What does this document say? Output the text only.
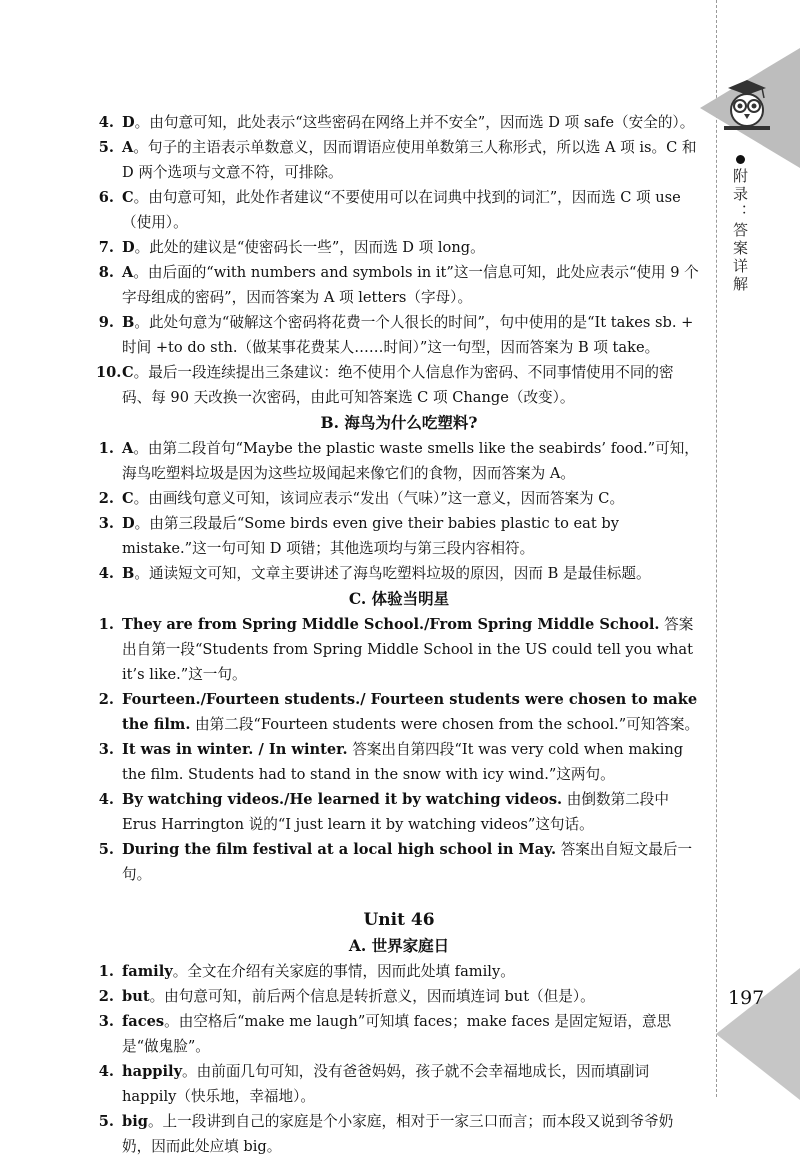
附录：答案详解
197

4. D。由句意可知，此处表示“这些密码在网络上并不安全”，因而选 D 项 safe（安全的）。

5. A。句子的主语表示单数意义，因而谓语应使用单数第三人称形式，所以选 A 项 is。C 和 D 两个选项与文意不符，可排除。

6. C。由句意可知，此处作者建议“不要使用可以在词典中找到的词汇”，因而选 C 项 use（使用）。

7. D。此处的建议是“使密码长一些”，因而选 D 项 long。

8. A。由后面的“with numbers and symbols in it”这一信息可知，此处应表示“使用 9 个字母组成的密码”，因而答案为 A 项 letters（字母）。

9. B。此处句意为“破解这个密码将花费一个人很长的时间”，句中使用的是“It takes sb. + 时间 +to do sth.（做某事花费某人……时间）”这一句型，因而答案为 B 项 take。

10. C。最后一段连续提出三条建议：绝不使用个人信息作为密码、不同事情使用不同的密码、每 90 天改换一次密码，由此可知答案选 C 项 Change（改变）。

B. 海鸟为什么吃塑料?

1. A。由第二段首句“Maybe the plastic waste smells like the seabirds’ food.”可知，海鸟吃塑料垃圾是因为这些垃圾闻起来像它们的食物，因而答案为 A。

2. C。由画线句意义可知，该词应表示“发出（气味）”这一意义，因而答案为 C。

3. D。由第三段最后“Some birds even give their babies plastic to eat by mistake.”这一句可知 D 项错；其他选项均与第三段内容相符。

4. B。通读短文可知，文章主要讲述了海鸟吃塑料垃圾的原因，因而 B 是最佳标题。

C. 体验当明星

1. They are from Spring Middle School./From Spring Middle School. 答案出自第一段“Students from Spring Middle School in the US could tell you what it’s like.”这一句。

2. Fourteen./Fourteen students./ Fourteen students were chosen to make the film. 由第二段“Fourteen students were chosen from the school.”可知答案。

3. It was in winter. / In winter. 答案出自第四段“It was very cold when making the film. Students had to stand in the snow with icy wind.”这两句。

4. By watching videos./He learned it by watching videos. 由倒数第二段中 Erus Harrington 说的“I just learn it by watching videos”这句话。

5. During the film festival at a local high school in May. 答案出自短文最后一句。

Unit 46

A. 世界家庭日

1. family。全文在介绍有关家庭的事情，因而此处填 family。

2. but。由句意可知，前后两个信息是转折意义，因而填连词 but（但是）。

3. faces。由空格后“make me laugh”可知填 faces；make faces 是固定短语，意思是“做鬼脸”。

4. happily。由前面几句可知，没有爸爸妈妈，孩子就不会幸福地成长，因而填副词 happily（快乐地，幸福地）。

5. big。上一段讲到自己的家庭是个小家庭，相对于一家三口而言；而本段又说到爷爷奶奶，因而此处应填 big。
